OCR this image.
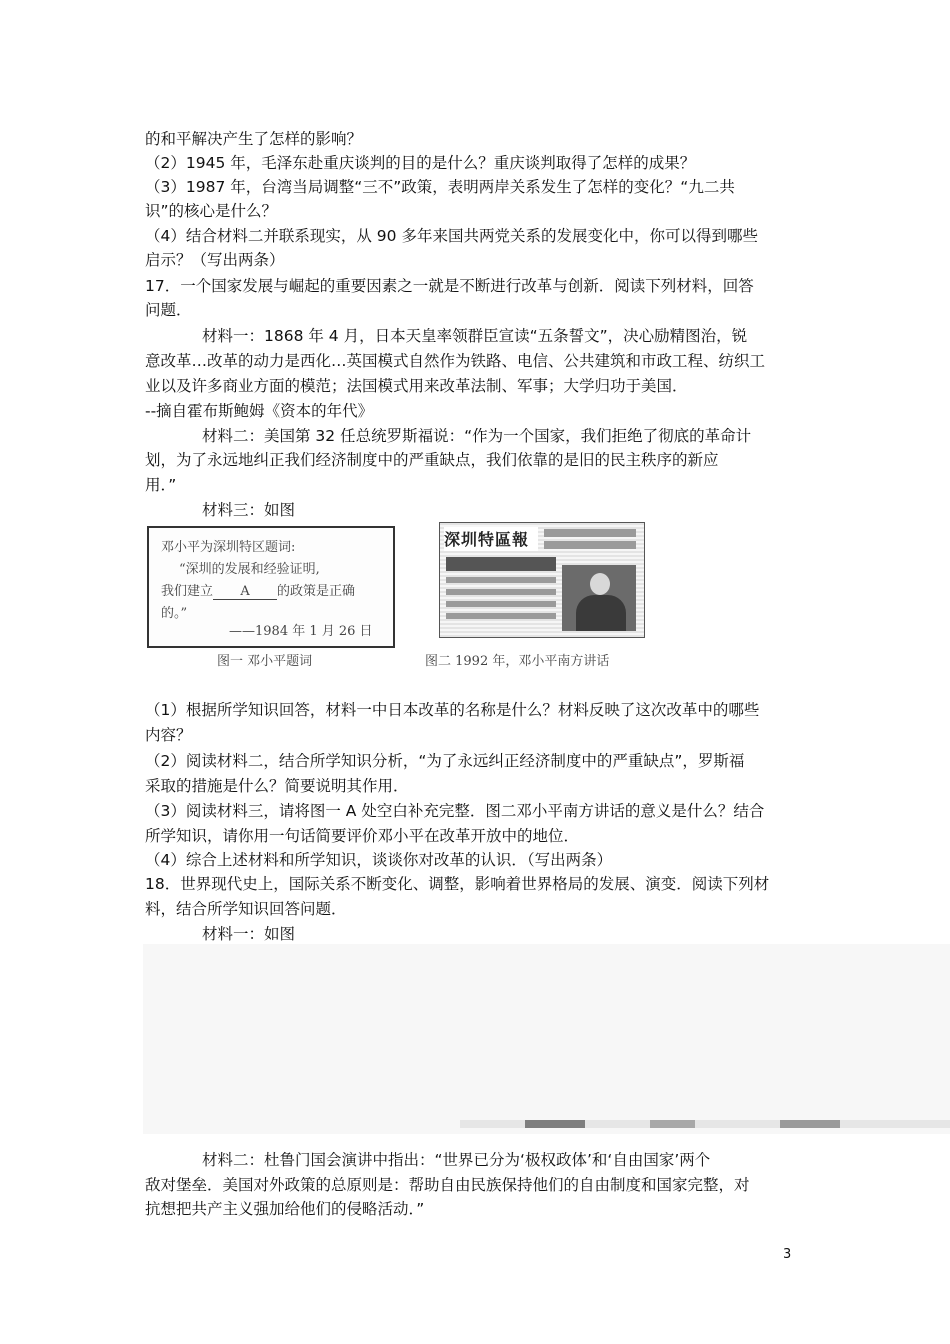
的和平解决产生了怎样的影响？
（2）1945 年，毛泽东赴重庆谈判的目的是什么？重庆谈判取得了怎样的成果？
（3）1987 年，台湾当局调整“三不”政策，表明两岸关系发生了怎样的变化？“九二共
识”的核心是什么？
（4）结合材料二并联系现实，从 90 多年来国共两党关系的发展变化中，你可以得到哪些
启示？（写出两条）
17．一个国家发展与崛起的重要因素之一就是不断进行改革与创新．阅读下列材料，回答
问题．
材料一：1868 年 4 月，日本天皇率领群臣宣读“五条誓文”，决心励精图治，锐
意改革…改革的动力是西化…英国模式自然作为铁路、电信、公共建筑和市政工程、纺织工
业以及许多商业方面的模范；法国模式用来改革法制、军事；大学归功于美国．
--摘自霍布斯鲍姆《资本的年代》
材料二：美国第 32 任总统罗斯福说：“作为一个国家，我们拒绝了彻底的革命计
划，为了永远地纠正我们经济制度中的严重缺点，我们依靠的是旧的民主秩序的新应
用．”
材料三：如图
邓小平为深圳特区题词:
“深圳的发展和经验证明,
我们建立 A 的政策是正确
的。”
——1984 年 1 月 26 日
图一 邓小平题词
深圳特區報
图二 1992 年，邓小平南方讲话
（1）根据所学知识回答，材料一中日本改革的名称是什么？材料反映了这次改革中的哪些
内容？
（2）阅读材料二，结合所学知识分析，“为了永远纠正经济制度中的严重缺点”，罗斯福
采取的措施是什么？简要说明其作用．
（3）阅读材料三，请将图一 A 处空白补充完整．图二邓小平南方讲话的意义是什么？结合
所学知识，请你用一句话简要评价邓小平在改革开放中的地位．
（4）综合上述材料和所学知识，谈谈你对改革的认识．（写出两条）
18．世界现代史上，国际关系不断变化、调整，影响着世界格局的发展、演变．阅读下列材
料，结合所学知识回答问题．
材料一：如图
材料二：杜鲁门国会演讲中指出：“世界已分为‘极权政体’和‘自由国家’两个
敌对堡垒．美国对外政策的总原则是：帮助自由民族保持他们的自由制度和国家完整，对
抗想把共产主义强加给他们的侵略活动．”
3
